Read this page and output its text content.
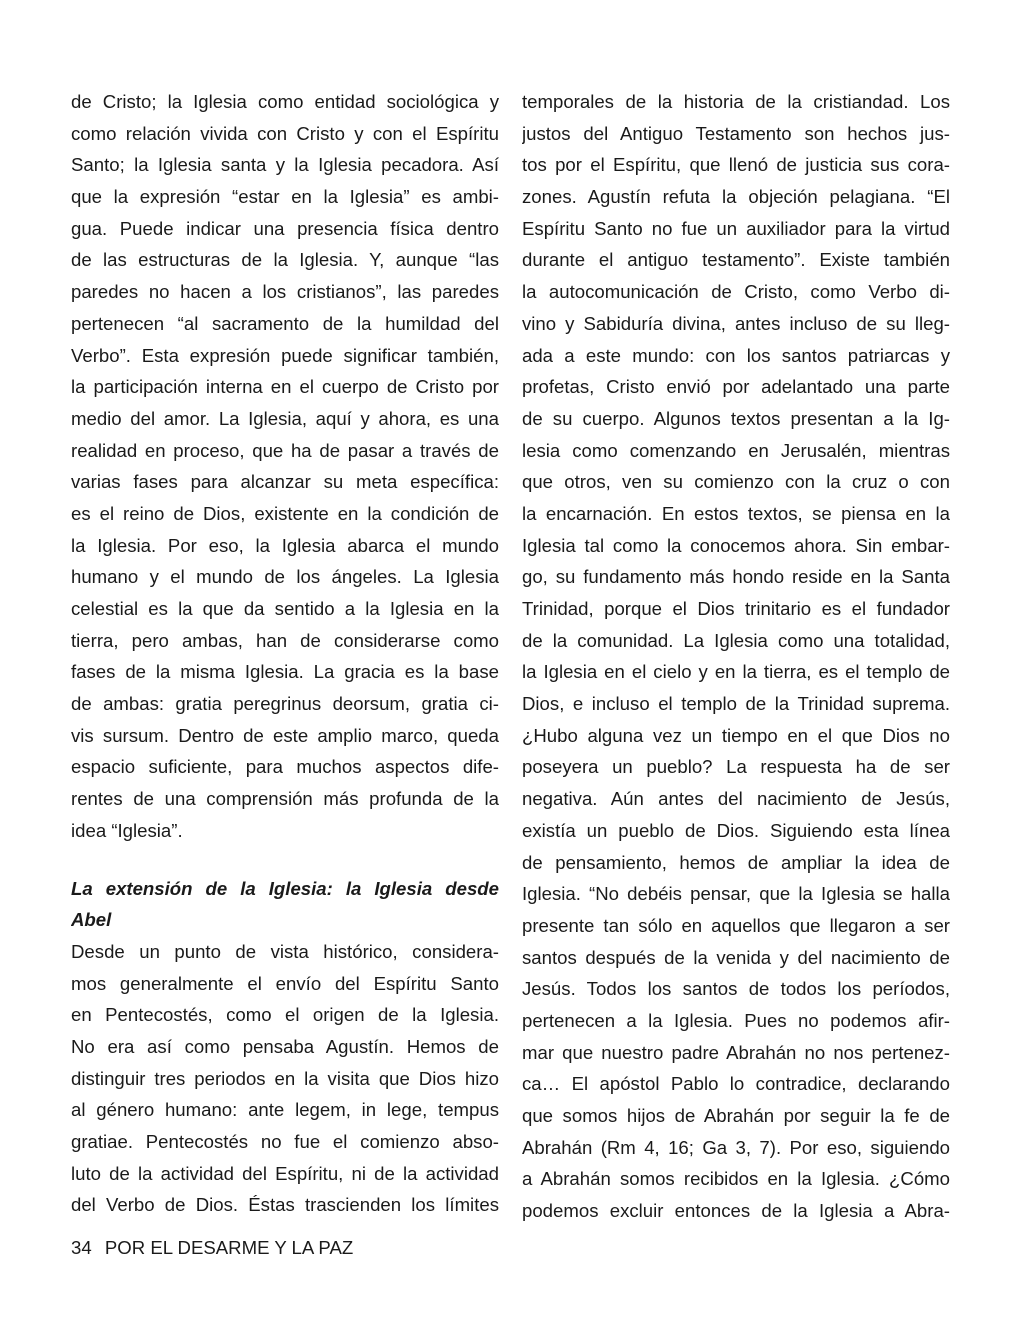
de Cristo; la Iglesia como entidad sociológica y
como relación vivida con Cristo y con el Espíritu
Santo; la Iglesia santa y la Iglesia pecadora. Así
que la expresión “estar en la Iglesia” es ambi-
gua. Puede indicar una presencia física dentro
de las estructuras de la Iglesia. Y, aunque “las
paredes no hacen a los cristianos”, las paredes
pertenecen “al sacramento de la humildad del
Verbo”. Esta expresión puede significar también,
la participación interna en el cuerpo de Cristo por
medio del amor. La Iglesia, aquí y ahora, es una
realidad en proceso, que ha de pasar a través de
varias fases para alcanzar su meta específica:
es el reino de Dios, existente en la condición de
la Iglesia. Por eso, la Iglesia abarca el mundo
humano y el mundo de los ángeles. La Iglesia
celestial es la que da sentido a la Iglesia en la
tierra, pero ambas, han de considerarse como
fases de la misma Iglesia. La gracia es la base
de ambas: gratia peregrinus deorsum, gratia ci-
vis sursum. Dentro de este amplio marco, queda
espacio suficiente, para muchos aspectos dife-
rentes de una comprensión más profunda de la
idea “Iglesia”.
La extensión de la Iglesia: la Iglesia desde
Abel
Desde un punto de vista histórico, considera-
mos generalmente el envío del Espíritu Santo
en Pentecostés, como el origen de la Iglesia.
No era así como pensaba Agustín. Hemos de
distinguir tres periodos en la visita que Dios hizo
al género humano: ante legem, in lege, tempus
gratiae. Pentecostés no fue el comienzo abso-
luto de la actividad del Espíritu, ni de la actividad
del Verbo de Dios. Éstas trascienden los límites
temporales de la historia de la cristiandad. Los
justos del Antiguo Testamento son hechos jus-
tos por el Espíritu, que llenó de justicia sus cora-
zones. Agustín refuta la objeción pelagiana. “El
Espíritu Santo no fue un auxiliador para la virtud
durante el antiguo testamento”. Existe también
la autocomunicación de Cristo, como Verbo di-
vino y Sabiduría divina, antes incluso de su lleg-
ada a este mundo: con los santos patriarcas y
profetas, Cristo envió por adelantado una parte
de su cuerpo. Algunos textos presentan a la Ig-
lesia como comenzando en Jerusalén, mientras
que otros, ven su comienzo con la cruz o con
la encarnación. En estos textos, se piensa en la
Iglesia tal como la conocemos ahora. Sin embar-
go, su fundamento más hondo reside en la Santa
Trinidad, porque el Dios trinitario es el fundador
de la comunidad. La Iglesia como una totalidad,
la Iglesia en el cielo y en la tierra, es el templo de
Dios, e incluso el templo de la Trinidad suprema.
¿Hubo alguna vez un tiempo en el que Dios no
poseyera un pueblo? La respuesta ha de ser
negativa. Aún antes del nacimiento de Jesús,
existía un pueblo de Dios. Siguiendo esta línea
de pensamiento, hemos de ampliar la idea de
Iglesia. “No debéis pensar, que la Iglesia se halla
presente tan sólo en aquellos que llegaron a ser
santos después de la venida y del nacimiento de
Jesús. Todos los santos de todos los períodos,
pertenecen a la Iglesia. Pues no podemos afir-
mar que nuestro padre Abrahán no nos pertenez-
ca… El apóstol Pablo lo contradice, declarando
que somos hijos de Abrahán por seguir la fe de
Abrahán (Rm 4, 16; Ga 3, 7). Por eso, siguiendo
a Abrahán somos recibidos en la Iglesia. ¿Cómo
podemos excluir entonces de la Iglesia a Abra-
34 POR EL DESARME Y LA PAZ
